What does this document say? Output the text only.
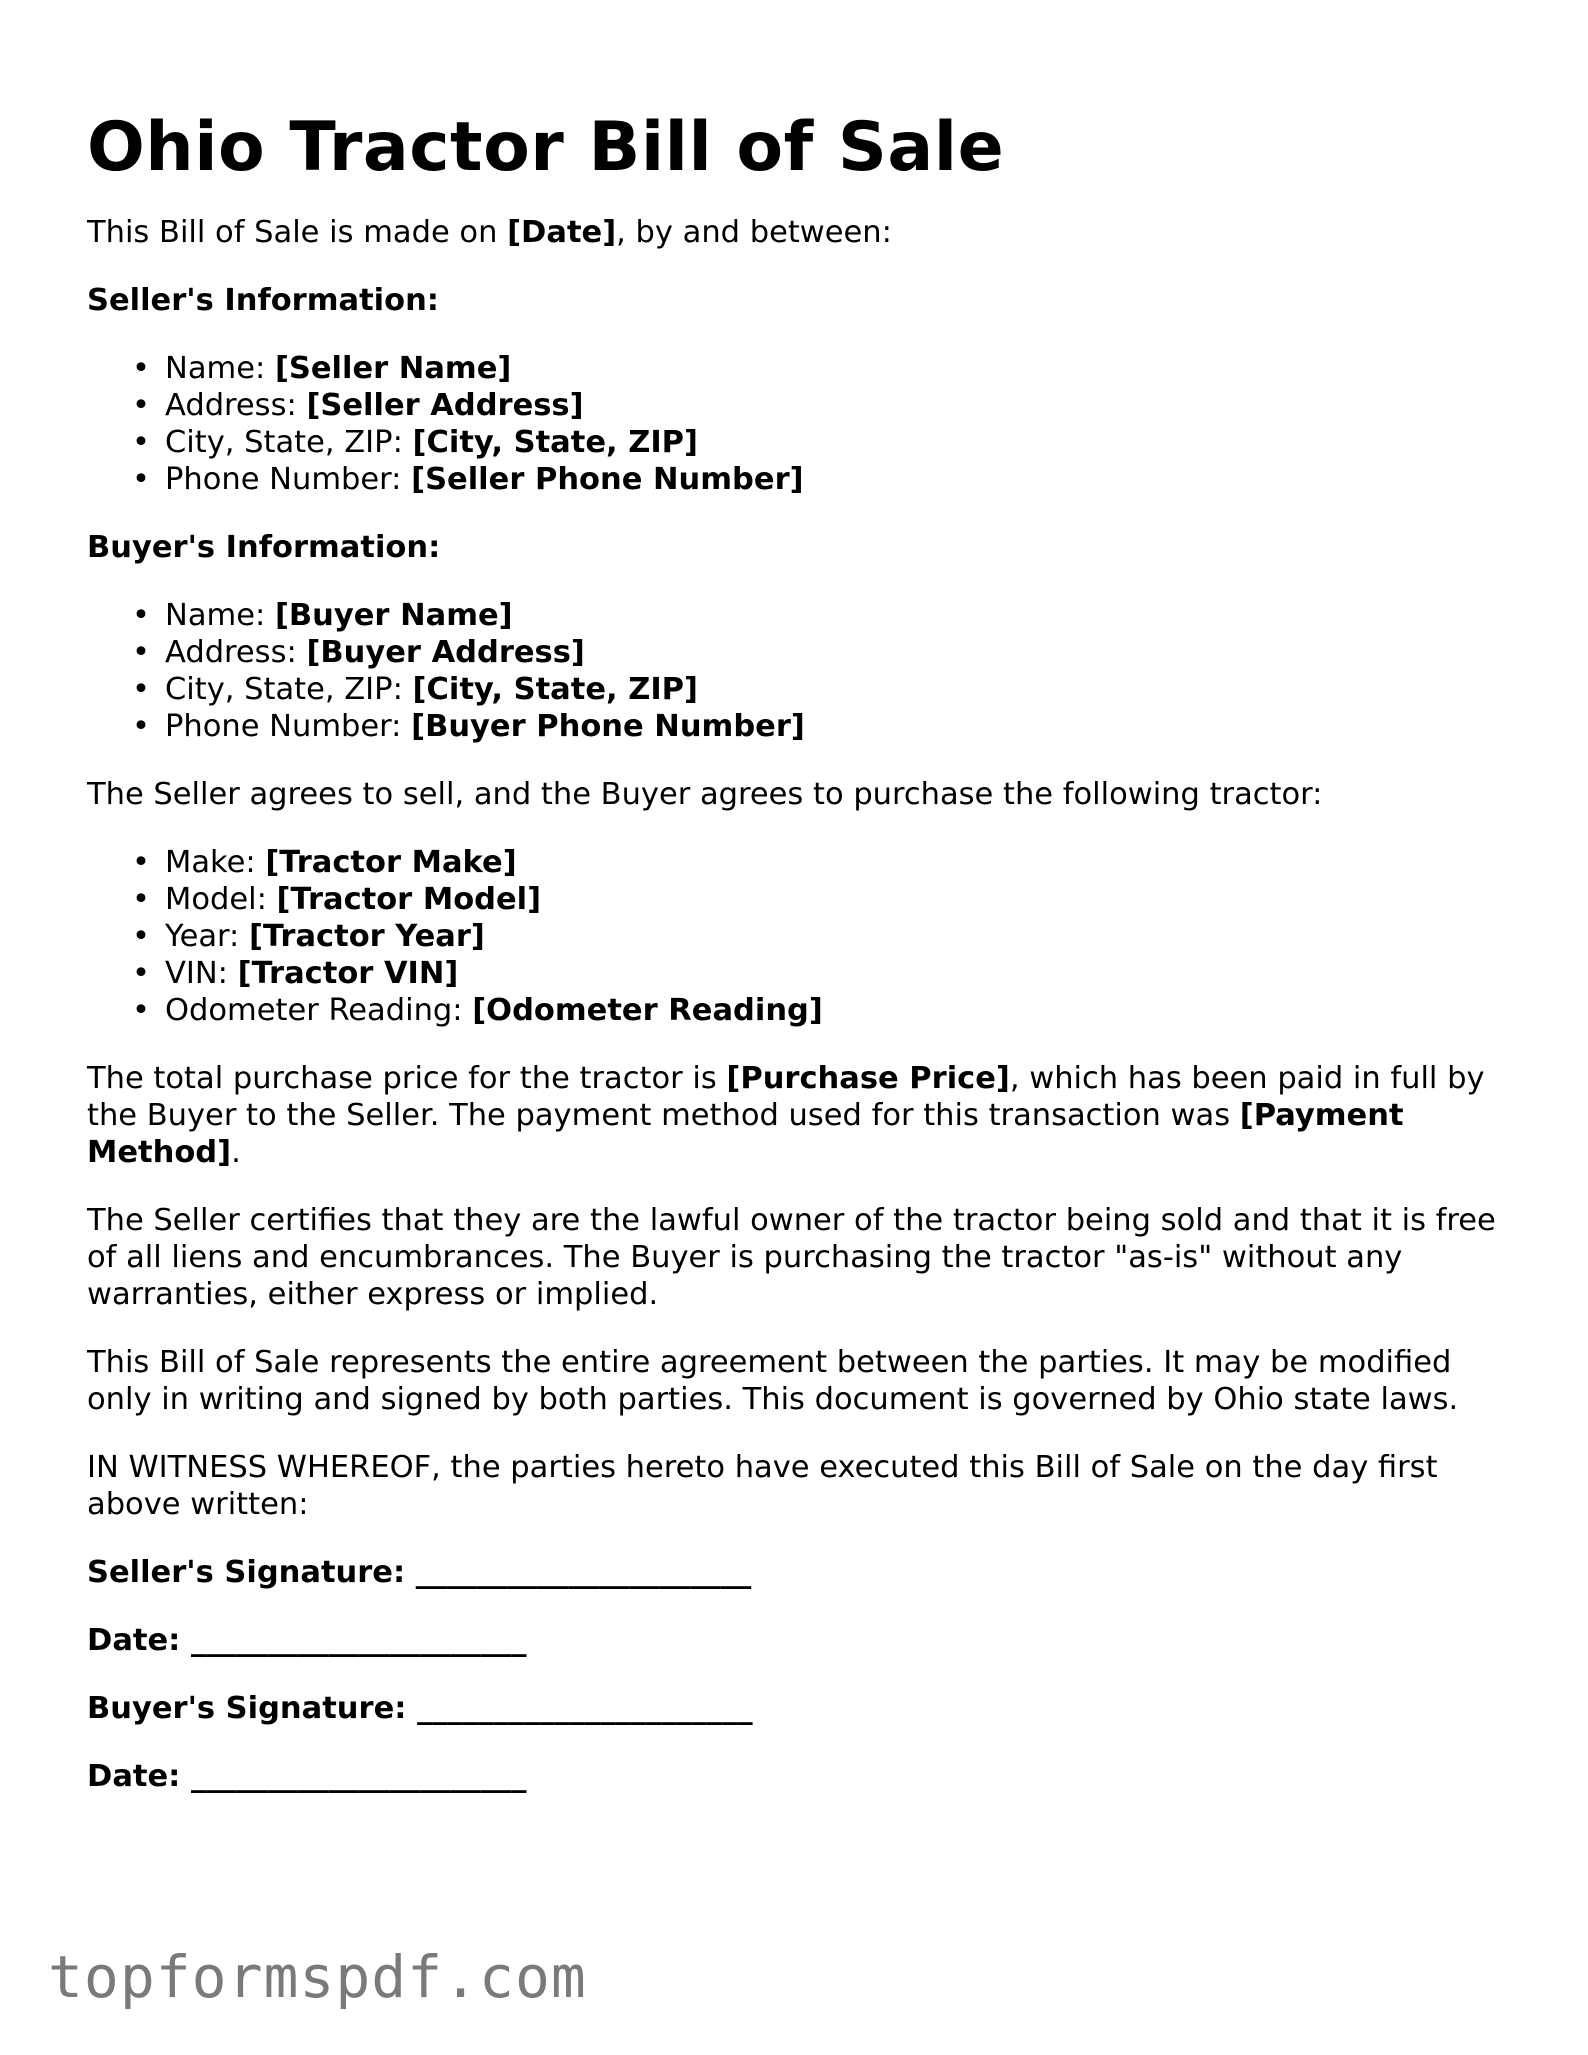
Ohio Tractor Bill of Sale

This Bill of Sale is made on [Date], by and between:

Seller's Information:
• Name: [Seller Name]
• Address: [Seller Address]
• City, State, ZIP: [City, State, ZIP]
• Phone Number: [Seller Phone Number]
Buyer's Information:
• Name: [Buyer Name]
• Address: [Buyer Address]
• City, State, ZIP: [City, State, ZIP]
• Phone Number: [Buyer Phone Number]

The Seller agrees to sell, and the Buyer agrees to purchase the following tractor:

• Make: [Tractor Make]
• Model: [Tractor Model]
• Year: [Tractor Year]
• VIN: [Tractor VIN]
• Odometer Reading: [Odometer Reading]

The total purchase price for the tractor is [Purchase Price], which has been paid in full by the Buyer to the Seller. The payment method used for this transaction was [Payment Method].

The Seller certifies that they are the lawful owner of the tractor being sold and that it is free of all liens and encumbrances. The Buyer is purchasing the tractor "as-is" without any warranties, either express or implied.

This Bill of Sale represents the entire agreement between the parties. It may be modified only in writing and signed by both parties. This document is governed by Ohio state laws.

IN WITNESS WHEREOF, the parties hereto have executed this Bill of Sale on the day first above written:

Seller's Signature: ______________________
Date: ______________________
Buyer's Signature: ______________________
Date: ______________________
topformspdf.com
